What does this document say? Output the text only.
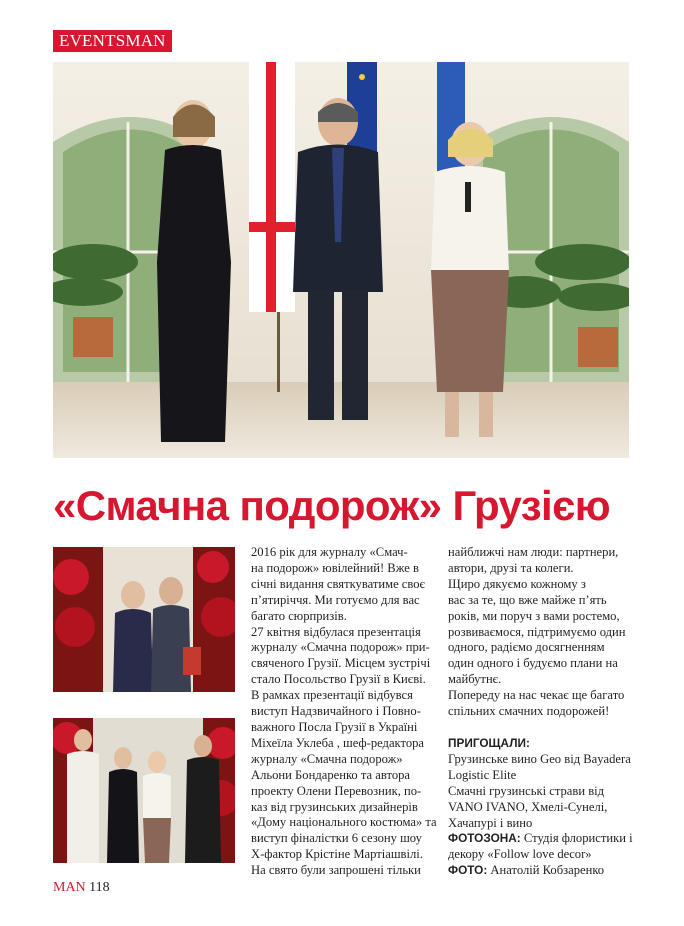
EVENTS MAN
«Смачна подорож» Грузією

2016 рік для журналу «Смач-

на подорож» ювілейний! Вже в

січні видання святкуватиме своє

п’ятиріччя. Ми готуємо для вас

багато сюрпризів.

27 квітня відбулася презентація

журналу «Смачна подорож» при-

свяченого Грузії. Місцем зустрічі

стало Посольство Грузії в Києві.

В рамках презентації відбувся

виступ Надзвичайного і Повно-

важного Посла Грузії в Україні

Міхеїла Уклеба , шеф-редактора

журналу «Смачна подорож»

Альони Бондаренко та автора

проекту Олени Перевозник, по-

каз від грузинських дизайнерів

«Дому національного костюма» та

виступ фіналістки 6 сезону шоу

X-фактор Крістіне Мартіашвілі.

На свято були запрошені тільки

найближчі нам люди: партнери,

автори, друзі та колеги.

Щиро дякуємо кожному з

вас за те, що вже майже п’ять

років, ми поруч з вами ростемо,

розвиваємося, підтримуємо один

одного, радіємо досягненням

один одного і будуємо плани на

майбутнє.

Попереду на нас чекає ще багато

спільних смачних подорожей!

ПРИГОЩАЛИ:

Грузинське вино Geo від Bayadera

Logistic Elite

Смачні грузинські страви від

VANO IVANO, Хмелі-Сунелі,

Хачапурі і вино

ФОТОЗОНА: Студія флористики і

декору «Follow love decor»

ФОТО: Анатолій Кобзаренко

MAN 118
